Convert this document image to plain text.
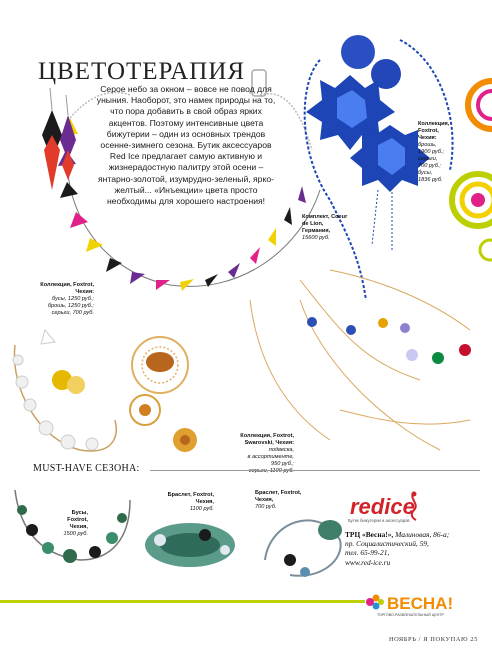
ЦВЕТОТЕРАПИЯ
Серое небо за окном – вовсе не повод для уныния. Наоборот, это намек природы на то, что пора добавить в свой образ ярких акцентов. Поэтому интенсивные цвета бижутерии – один из основных трендов осенне-зимнего сезона. Бутик аксессуаров Red Ice предлагает самую активную и жизнерадостную палитру этой осени – янтарно-золотой, изумрудно-зеленый, ярко-желтый... «Инъекции» цвета просто необходимы для хорошего настроения!
Коллекция, Foxtrot, Чехия:
брошь,
1900 руб.;
серьги,
700 руб.;
бусы,
1836 руб.
Комплект, Coeur de Lion, Германия,
15600 руб.
Коллекция, Foxtrot, Чехия:
бусы, 1250 руб.;
брошь, 1250 руб.;
серьги, 700 руб.
Коллекция, Foxtrot, Swarovski, Чехия:
подвеска,
в ассортименте,
950 руб.;
серьги, 1100 руб.
MUST-HAVE СЕЗОНА:
Бусы, Foxtrot, Чехия,
1500 руб.
Браслет, Foxtrot, Чехия,
1100 руб.
Браслет, Foxtrot, Чехия,
700 руб.	redice
Бутик бижутерии и аксессуаров
ТРЦ «Весна!», Малиновая, 86-а;
пр. Социалистический, 59,
тел. 65-99-21,
www.red-ice.ru
ВЕСНА!
ТОРГОВО-РАЗВЛЕКАТЕЛЬНЫЙ ЦЕНТР
НОЯБРЬ / Я ПОКУПАЮ 25
